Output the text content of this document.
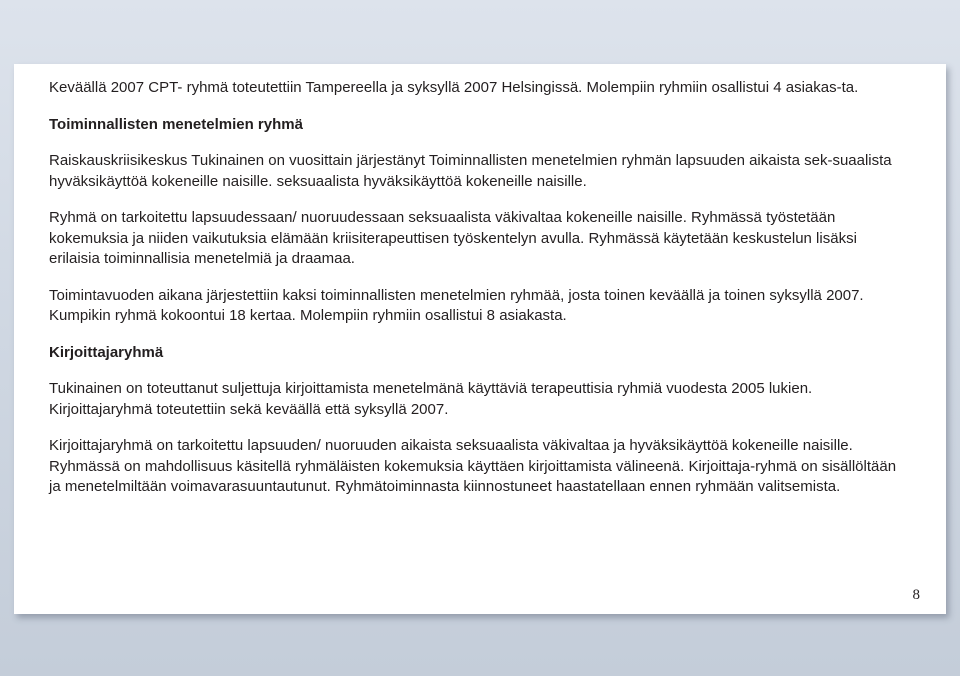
Keväällä 2007 CPT- ryhmä toteutettiin Tampereella ja syksyllä 2007 Helsingissä. Molempiin ryhmiin osallistui 4 asiakas-ta.

Toiminnallisten menetelmien ryhmä

Raiskauskriisikeskus Tukinainen on vuosittain järjestänyt Toiminnallisten menetelmien ryhmän lapsuuden aikaista sek-suaalista hyväksikäyttöä kokeneille naisille. seksuaalista hyväksikäyttöä kokeneille naisille.

Ryhmä on tarkoitettu lapsuudessaan/ nuoruudessaan seksuaalista väkivaltaa kokeneille naisille. Ryhmässä työstetään kokemuksia ja niiden vaikutuksia elämään kriisiterapeuttisen työskentelyn avulla. Ryhmässä käytetään keskustelun lisäksi erilaisia toiminnallisia menetelmiä ja draamaa.

Toimintavuoden aikana järjestettiin kaksi toiminnallisten menetelmien ryhmää, josta toinen keväällä ja toinen syksyllä 2007. Kumpikin ryhmä kokoontui 18 kertaa. Molempiin ryhmiin osallistui 8 asiakasta.

Kirjoittajaryhmä

Tukinainen on toteuttanut suljettuja kirjoittamista menetelmänä käyttäviä terapeuttisia ryhmiä vuodesta 2005 lukien. Kirjoittajaryhmä toteutettiin sekä keväällä että syksyllä 2007.

Kirjoittajaryhmä on tarkoitettu lapsuuden/ nuoruuden aikaista seksuaalista väkivaltaa ja hyväksikäyttöä kokeneille naisille. Ryhmässä on mahdollisuus käsitellä ryhmäläisten kokemuksia käyttäen kirjoittamista välineenä. Kirjoittaja-ryhmä on sisällöltään ja menetelmiltään voimavarasuuntautunut. Ryhmätoiminnasta kiinnostuneet haastatellaan ennen ryhmään valitsemista.

8
